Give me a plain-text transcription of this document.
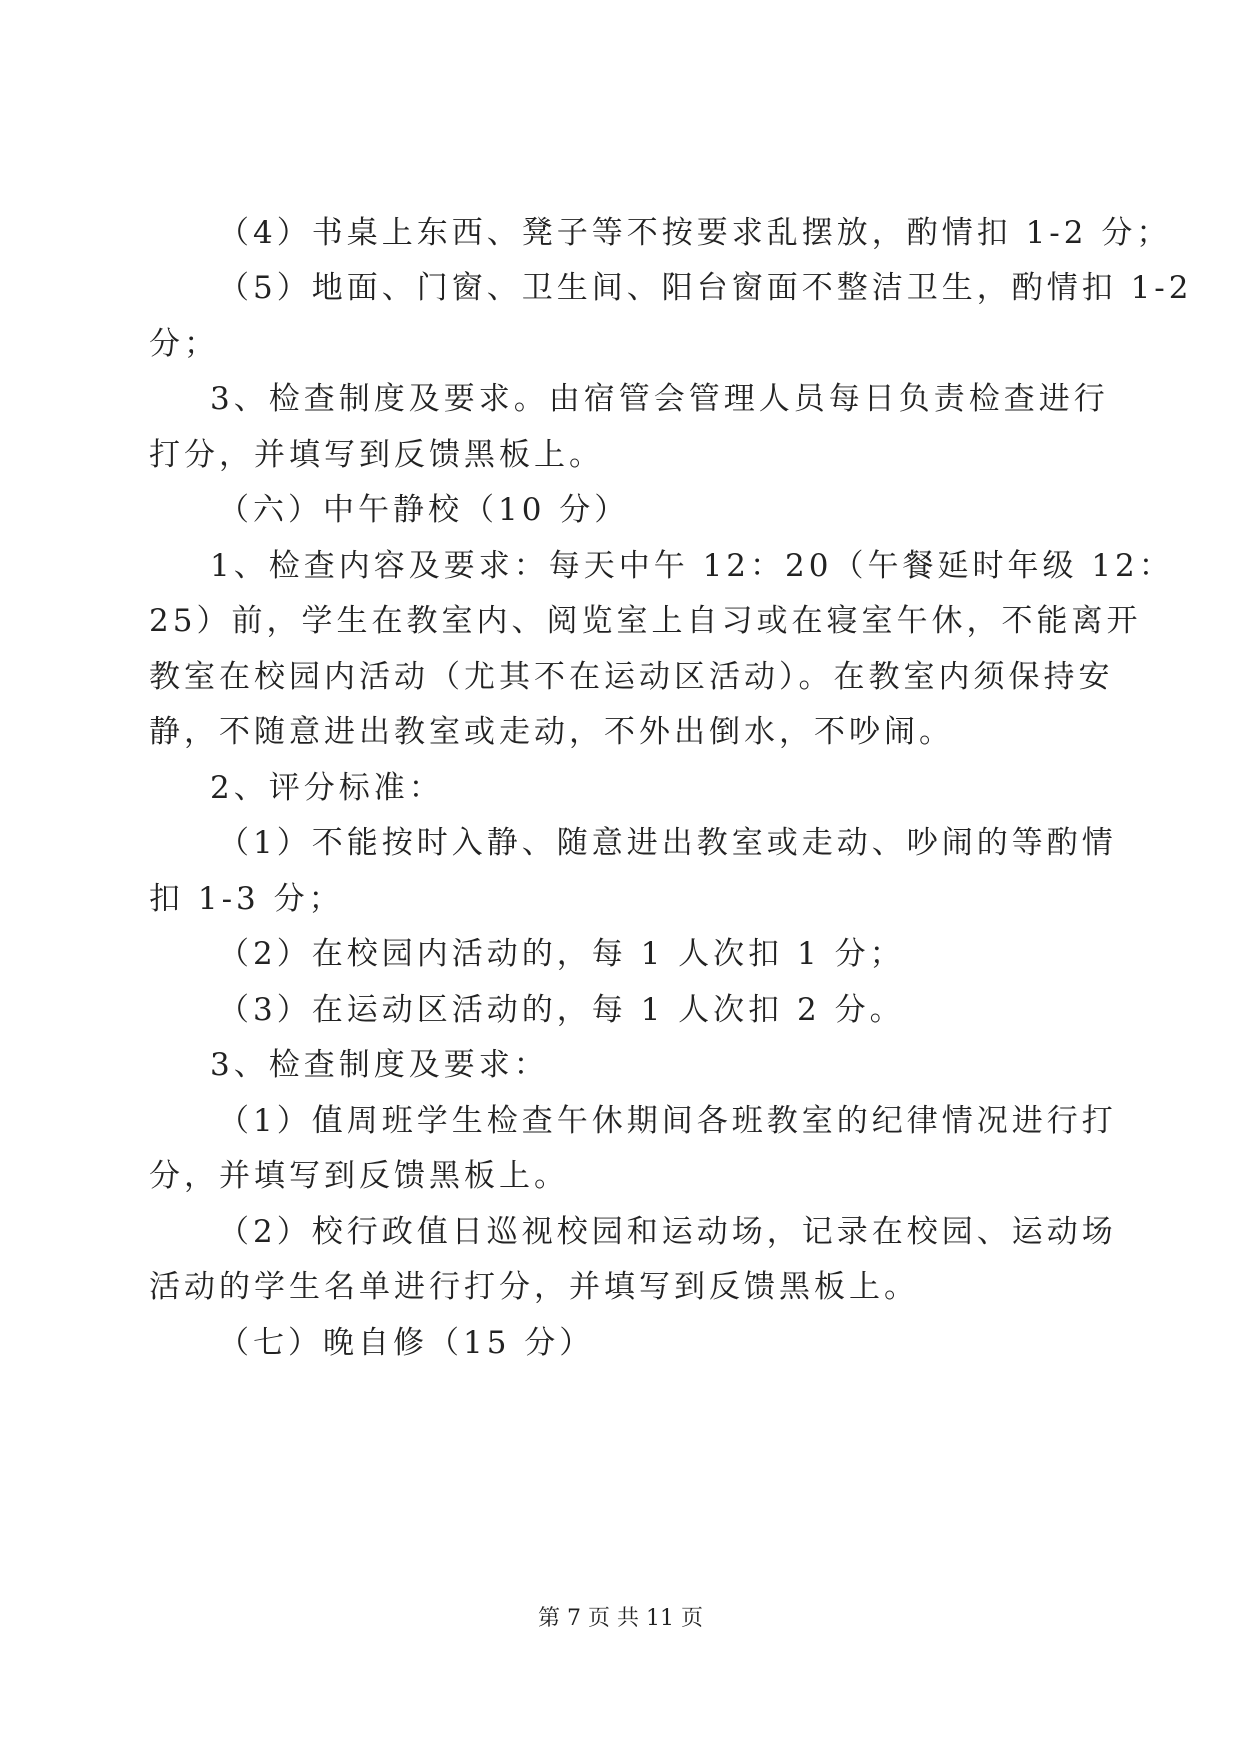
（4）书桌上东西、凳子等不按要求乱摆放，酌情扣 1-2 分；
（5）地面、门窗、卫生间、阳台窗面不整洁卫生，酌情扣 1-2
分；
3、检查制度及要求。由宿管会管理人员每日负责检查进行
打分，并填写到反馈黑板上。
（六）中午静校（10 分）
1、检查内容及要求：每天中午 12：20（午餐延时年级 12：
25）前，学生在教室内、阅览室上自习或在寝室午休，不能离开
教室在校园内活动（尤其不在运动区活动）。在教室内须保持安
静，不随意进出教室或走动，不外出倒水，不吵闹。
2、评分标准：
（1）不能按时入静、随意进出教室或走动、吵闹的等酌情
扣 1-3 分；
（2）在校园内活动的，每 1 人次扣 1 分；
（3）在运动区活动的，每 1 人次扣 2 分。
3、检查制度及要求：
（1）值周班学生检查午休期间各班教室的纪律情况进行打
分，并填写到反馈黑板上。
（2）校行政值日巡视校园和运动场，记录在校园、运动场
活动的学生名单进行打分，并填写到反馈黑板上。
（七）晚自修（15 分）
第 7 页 共 11 页
